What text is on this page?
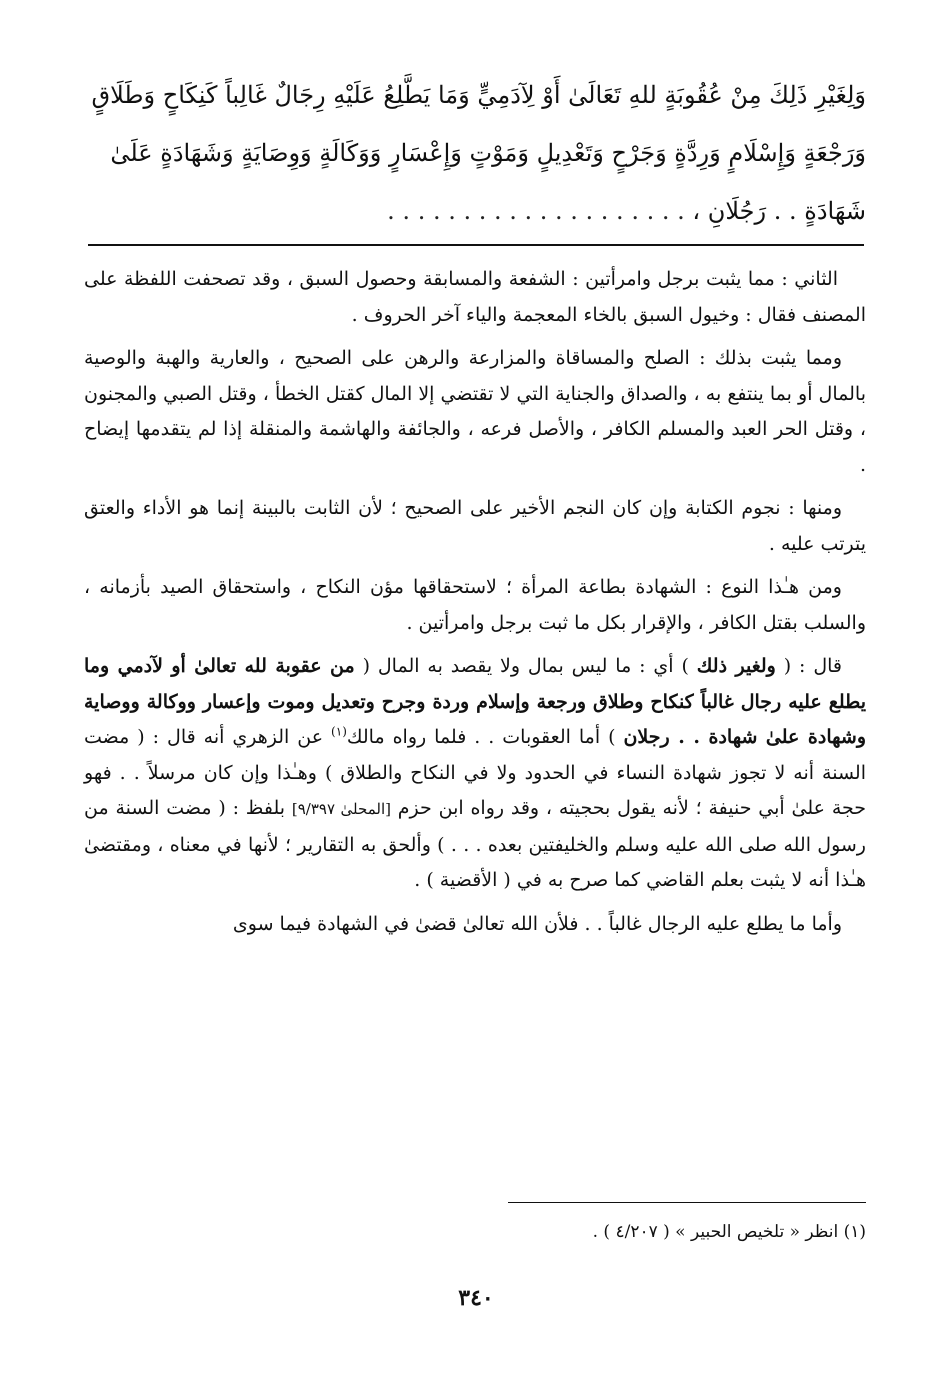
وَلِغَيْرِ ذَلِكَ مِنْ عُقُوبَةٍ للهِ تَعَالَىٰ أَوْ لِآدَمِيٍّ وَمَا يَطَّلِعُ عَلَيْهِ رِجَالٌ غَالِباً كَنِكَاحٍ وَطَلَاقٍ
وَرَجْعَةٍ وَإِسْلَامٍ وَرِدَّةٍ وَجَرْحٍ وَتَعْدِيلٍ وَمَوْتٍ وَإِعْسَارٍ وَوَكَالَةٍ وَوِصَايَةٍ وَشَهَادَةٍ عَلَىٰ
شَهَادَةٍ . . رَجُلَانِ ، . . . . . . . . . . . . . . . . . . . .

الثاني : مما يثبت برجل وامرأتين : الشفعة والمسابقة وحصول السبق ، وقد تصحفت اللفظة على المصنف فقال : وخيول السبق بالخاء المعجمة والياء آخر الحروف .

ومما يثبت بذلك : الصلح والمساقاة والمزارعة والرهن على الصحيح ، والعارية والهبة والوصية بالمال أو بما ينتفع به ، والصداق والجناية التي لا تقتضي إلا المال كقتل الخطأ ، وقتل الصبي والمجنون ، وقتل الحر العبد والمسلم الكافر ، والأصل فرعه ، والجائفة والهاشمة والمنقلة إذا لم يتقدمها إيضاح .

ومنها : نجوم الكتابة وإن كان النجم الأخير على الصحيح ؛ لأن الثابت بالبينة إنما هو الأداء والعتق يترتب عليه .

ومن هـٰذا النوع : الشهادة بطاعة المرأة ؛ لاستحقاقها مؤن النكاح ، واستحقاق الصيد بأزمانه ، والسلب بقتل الكافر ، والإقرار بكل ما ثبت برجل وامرأتين .

قال : ( ولغير ذلك ) أي : ما ليس بمال ولا يقصد به المال ( من عقوبة لله تعالىٰ أو لآدمي وما يطلع عليه رجال غالباً كنكاح وطلاق ورجعة وإسلام وردة وجرح وتعديل وموت وإعسار ووكالة ووصاية وشهادة علىٰ شهادة . . رجلان ) أما العقوبات . . فلما رواه مالك$^{(١)}$ عن الزهري أنه قال : ( مضت السنة أنه لا تجوز شهادة النساء في الحدود ولا في النكاح والطلاق ) وهـٰذا وإن كان مرسلاً . . فهو حجة علىٰ أبي حنيفة ؛ لأنه يقول بحجيته ، وقد رواه ابن حزم [المحلىٰ ٩/٣٩٧] بلفظ : ( مضت السنة من رسول الله صلى الله عليه وسلم والخليفتين بعده . . . ) وألحق به التقارير ؛ لأنها في معناه ، ومقتضىٰ هـٰذا أنه لا يثبت بعلم القاضي كما صرح به في ( الأقضية ) .

وأما ما يطلع عليه الرجال غالباً . . فلأن الله تعالىٰ قضىٰ في الشهادة فيما سوى

(١) انظر « تلخيص الحبير » ( ٤/٢٠٧ ) .
٣٤٠
